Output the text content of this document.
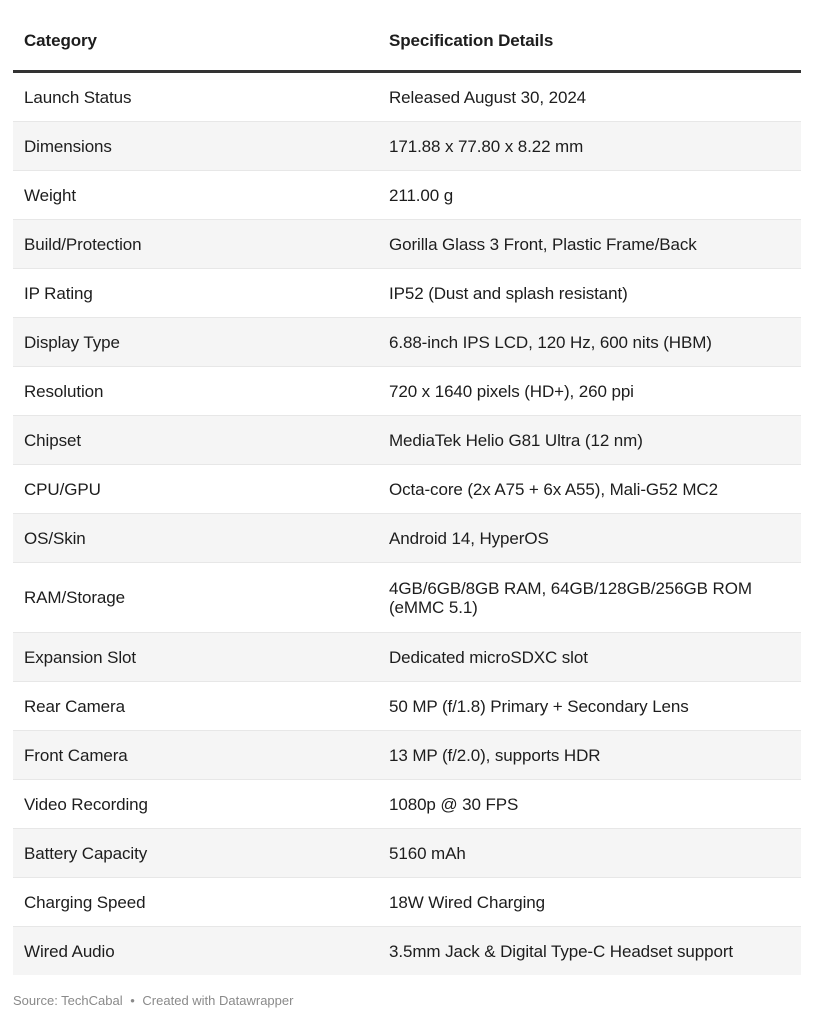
Category	Specification Details
Launch Status	Released August 30, 2024
Dimensions	171.88 x 77.80 x 8.22 mm
Weight	211.00 g
Build/Protection	Gorilla Glass 3 Front, Plastic Frame/Back
IP Rating	IP52 (Dust and splash resistant)
Display Type	6.88-inch IPS LCD, 120 Hz, 600 nits (HBM)
Resolution	720 x 1640 pixels (HD+), 260 ppi
Chipset	MediaTek Helio G81 Ultra (12 nm)
CPU/GPU	Octa-core (2x A75 + 6x A55), Mali-G52 MC2
OS/Skin	Android 14, HyperOS
RAM/Storage	4GB/6GB/8GB RAM, 64GB/128GB/256GB ROM (eMMC 5.1)
Expansion Slot	Dedicated microSDXC slot
Rear Camera	50 MP (f/1.8) Primary + Secondary Lens
Front Camera	13 MP (f/2.0), supports HDR
Video Recording	1080p @ 30 FPS
Battery Capacity	5160 mAh
Charging Speed	18W Wired Charging
Wired Audio	3.5mm Jack & Digital Type-C Headset support
Source: TechCabal • Created with Datawrapper
